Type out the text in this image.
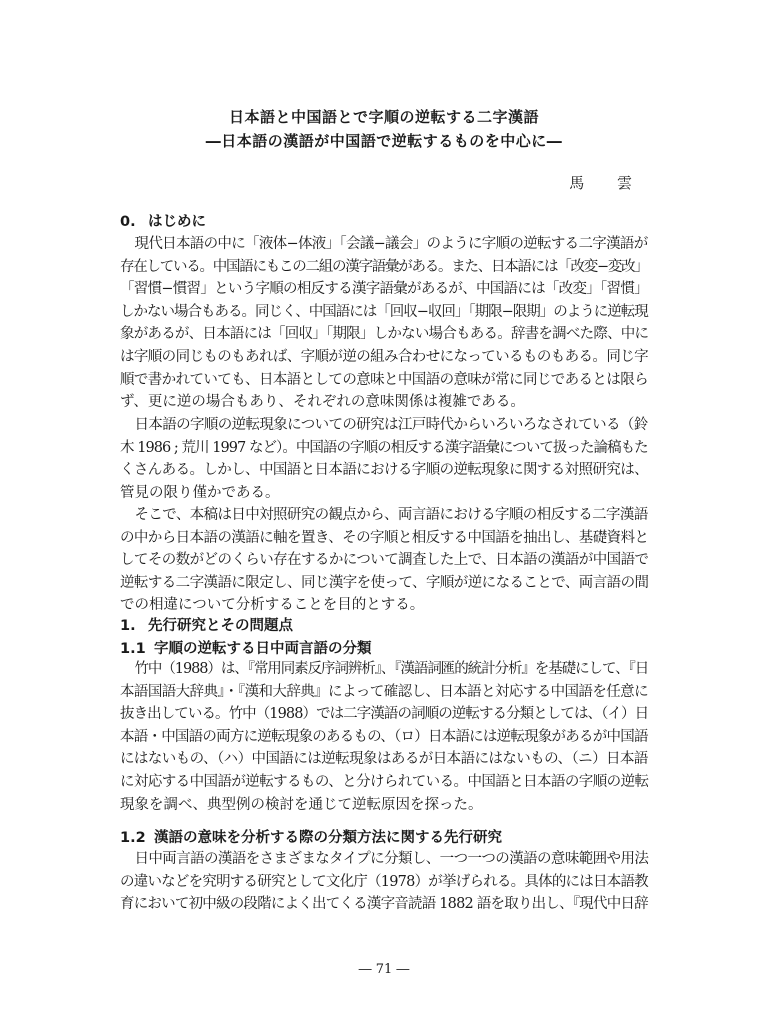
日本語と中国語とで字順の逆転する二字漢語
―日本語の漢語が中国語で逆転するものを中心に―
馬 雲
0. はじめに
現代日本語の中に「液体−体液」「会議−議会」のように字順の逆転する二字漢語が
存在している。中国語にもこの二組の漢字語彙がある。また、日本語には「改変−変改」
「習慣−慣習」という字順の相反する漢字語彙があるが、中国語には「改変」「習慣」
しかない場合もある。同じく、中国語には「回収−収回」「期限−限期」のように逆転現
象があるが、日本語には「回収」「期限」しかない場合もある。辞書を調べた際、中に
は字順の同じものもあれば、字順が逆の組み合わせになっているものもある。同じ字
順で書かれていても、日本語としての意味と中国語の意味が常に同じであるとは限ら
ず、更に逆の場合もあり、それぞれの意味関係は複雑である。
日本語の字順の逆転現象についての研究は江戸時代からいろいろなされている（鈴
木 1986 ; 荒川 1997 など）。中国語の字順の相反する漢字語彙について扱った論稿もた
くさんある。しかし、中国語と日本語における字順の逆転現象に関する対照研究は、
管見の限り僅かである。
そこで、本稿は日中対照研究の観点から、両言語における字順の相反する二字漢語
の中から日本語の漢語に軸を置き、その字順と相反する中国語を抽出し、基礎資料と
してその数がどのくらい存在するかについて調査した上で、日本語の漢語が中国語で
逆転する二字漢語に限定し、同じ漢字を使って、字順が逆になることで、両言語の間
での相違について分析することを目的とする。
1. 先行研究とその問題点
1.1 字順の逆転する日中両言語の分類
竹中（1988）は、『常用同素反序詞辨析』、『漢語詞匯的統計分析』を基礎にして、『日
本語国語大辞典』・『漢和大辞典』によって確認し、日本語と対応する中国語を任意に
抜き出している。竹中（1988）では二字漢語の詞順の逆転する分類としては、（イ）日
本語・中国語の両方に逆転現象のあるもの、（ロ）日本語には逆転現象があるが中国語
にはないもの、（ハ）中国語には逆転現象はあるが日本語にはないもの、（ニ）日本語
に対応する中国語が逆転するもの、と分けられている。中国語と日本語の字順の逆転
現象を調べ、典型例の検討を通じて逆転原因を探った。
1.2 漢語の意味を分析する際の分類方法に関する先行研究
日中両言語の漢語をさまざまなタイプに分類し、一つ一つの漢語の意味範囲や用法
の違いなどを究明する研究として文化庁（1978）が挙げられる。具体的には日本語教
育において初中級の段階によく出てくる漢字音読語 1882 語を取り出し、『現代中日辞
― 71 ―
